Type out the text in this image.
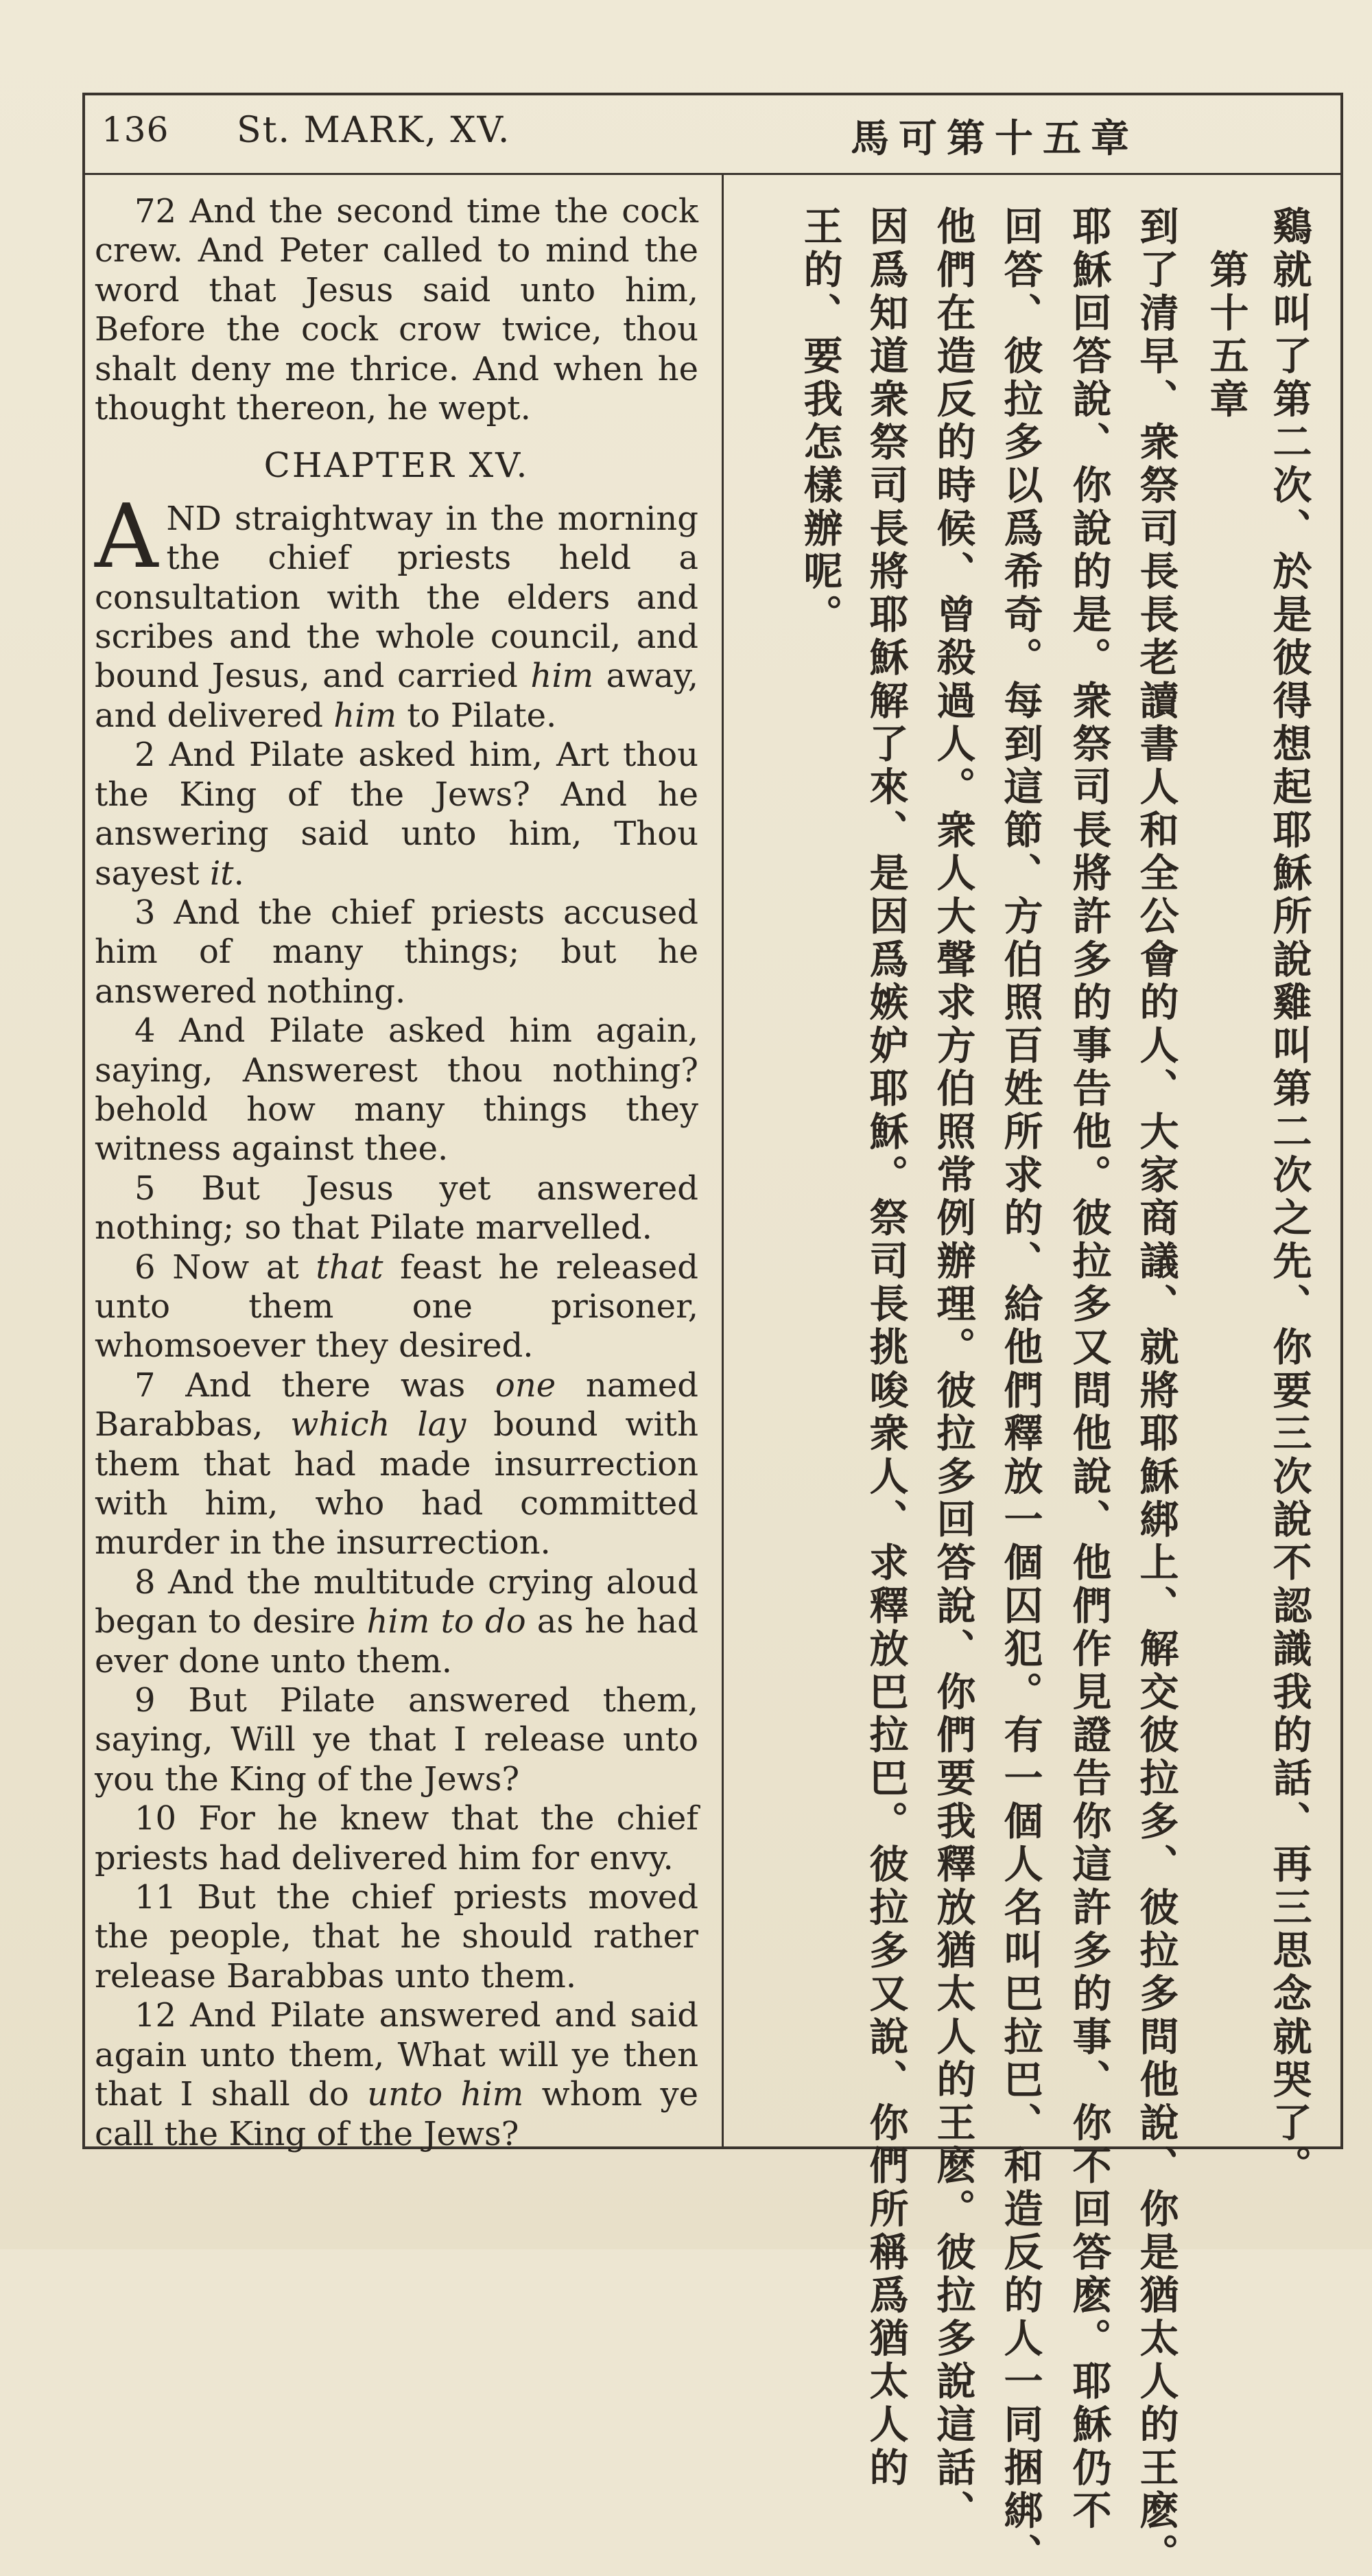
136 St. MARK, XV.	馬可第十五章

72 And the second time the cock crew. And Peter called to mind the word that Jesus said unto him, Before the cock crow twice, thou shalt deny me thrice. And when he thought thereon, he wept.

CHAPTER XV.

AND straightway in the morning the chief priests held a consultation with the elders and scribes and the whole council, and bound Jesus, and carried him away, and delivered him to Pilate.

2 And Pilate asked him, Art thou the King of the Jews? And he answering said unto him, Thou sayest it.

3 And the chief priests accused him of many things; but he answered nothing.

4 And Pilate asked him again, saying, Answerest thou nothing? behold how many things they witness against thee.

5 But Jesus yet answered nothing; so that Pilate marvelled.

6 Now at that feast he released unto them one prisoner, whomsoever they desired.

7 And there was one named Barabbas, which lay bound with them that had made insurrection with him, who had committed murder in the insurrection.

8 And the multitude crying aloud began to desire him to do as he had ever done unto them.

9 But Pilate answered them, saying, Will ye that I release unto you the King of the Jews?

10 For he knew that the chief priests had delivered him for envy.

11 But the chief priests moved the people, that he should rather release Barabbas unto them.

12 And Pilate answered and said again unto them, What will ye then that I shall do unto him whom ye call the King of the Jews?	鷄就叫了第二次、於是彼得想起耶穌所說雞叫第二次之先、你要三次說不認識我的話、再三思念就哭了。
　第十五章
到了清早、衆祭司長長老讀書人和全公會的人、大家商議、就將耶穌綁上、解交彼拉多、彼拉多問他說、你是猶太人的王麽。
耶穌回答說、你說的是。衆祭司長將許多的事告他。彼拉多又問他說、他們作見證告你這許多的事、你不回答麽。耶穌仍不
回答、彼拉多以爲希奇。每到這節、方伯照百姓所求的、給他們釋放一個囚犯。有一個人名叫巴拉巴、和造反的人一同捆綁、
他們在造反的時候、曾殺過人。衆人大聲求方伯照常例辦理。彼拉多回答說、你們要我釋放猶太人的王麽。彼拉多說這話、
因爲知道衆祭司長將耶穌解了來、是因爲嫉妒耶穌。祭司長挑唆衆人、求釋放巴拉巴。彼拉多又說、你們所稱爲猶太人的
王的、要我怎樣辦呢。
